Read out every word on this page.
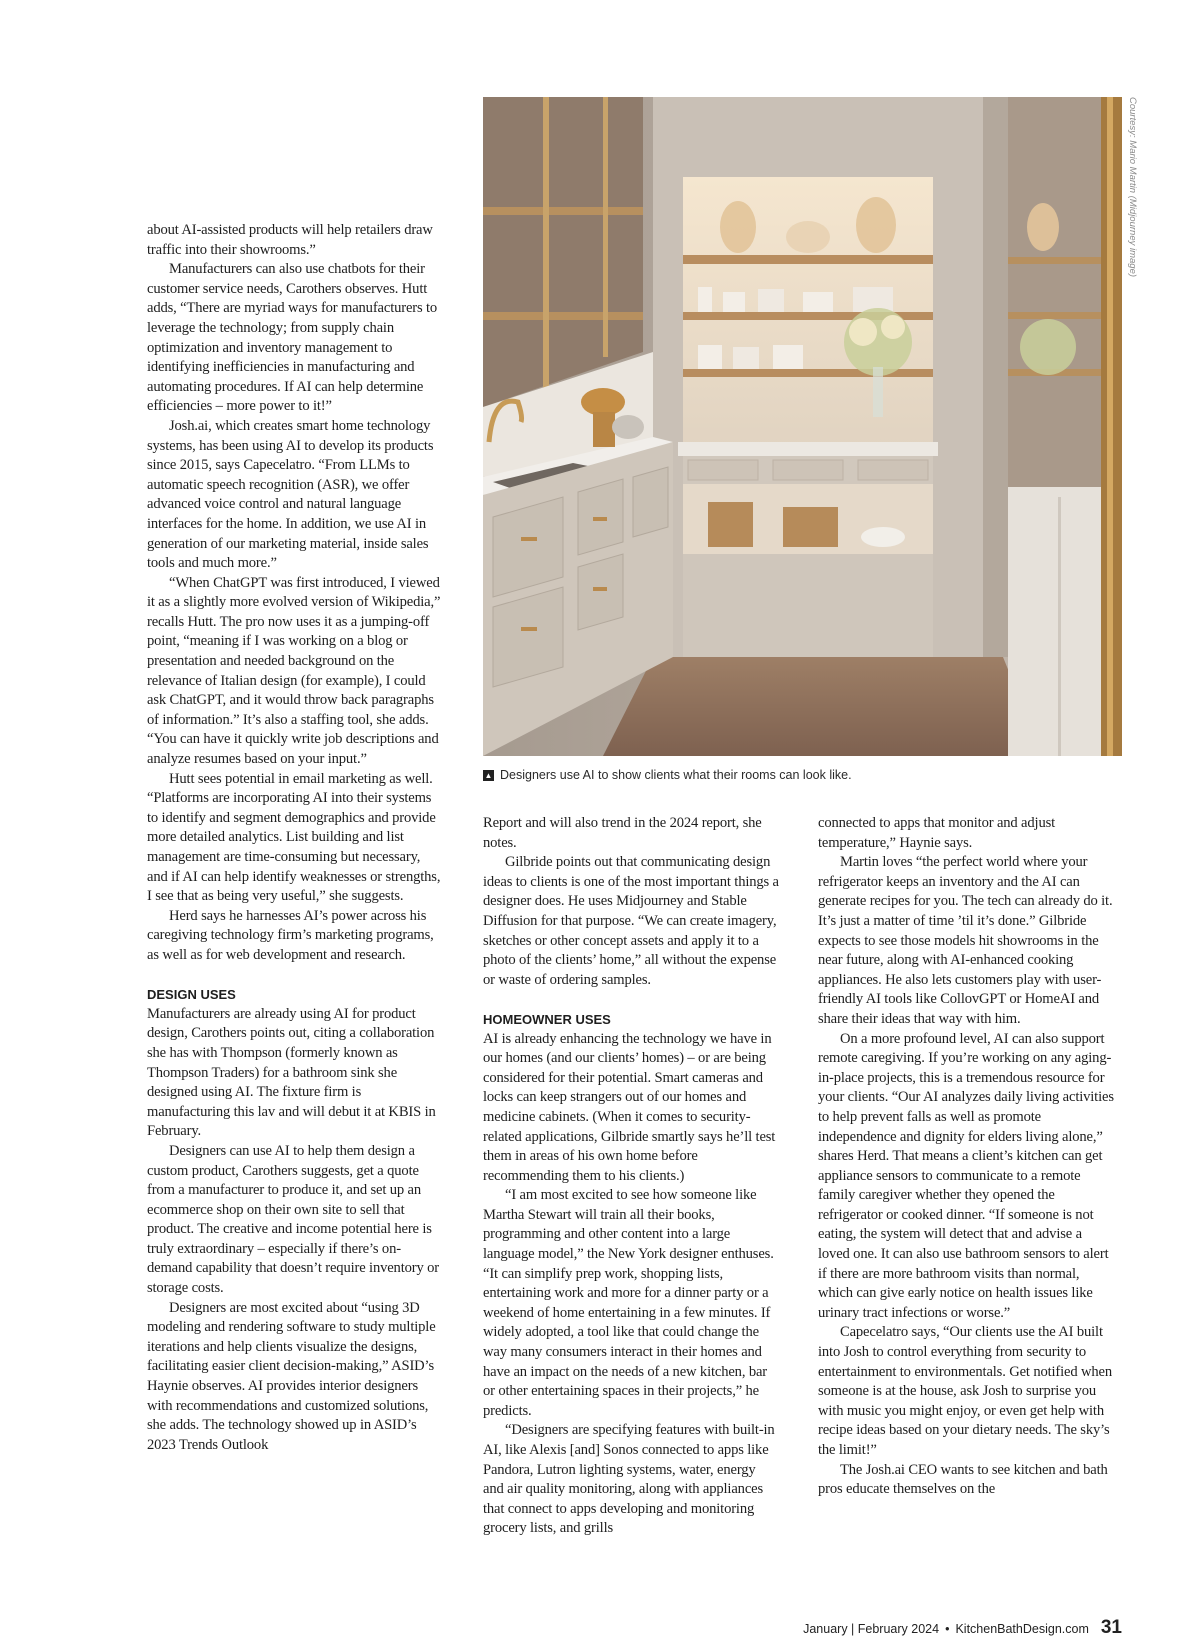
Courtesy: Mario Martin (Midjourney image)
▲ Designers use AI to show clients what their rooms can look like.

about AI-assisted products will help retailers draw traffic into their showrooms.”

Manufacturers can also use chatbots for their customer service needs, Carothers observes. Hutt adds, “There are myriad ways for manufacturers to leverage the technology; from supply chain optimization and inventory management to identifying inefficiencies in manufacturing and automating procedures. If AI can help determine efficiencies – more power to it!”

Josh.ai, which creates smart home technology systems, has been using AI to develop its products since 2015, says Capecelatro. “From LLMs to automatic speech recognition (ASR), we offer advanced voice control and natural language interfaces for the home. In addition, we use AI in generation of our marketing material, inside sales tools and much more.”

“When ChatGPT was first introduced, I viewed it as a slightly more evolved version of Wikipedia,” recalls Hutt. The pro now uses it as a jumping-off point, “meaning if I was working on a blog or presentation and needed background on the relevance of Italian design (for example), I could ask ChatGPT, and it would throw back paragraphs of information.” It’s also a staffing tool, she adds. “You can have it quickly write job descriptions and analyze resumes based on your input.”

Hutt sees potential in email marketing as well. “Platforms are incorporating AI into their systems to identify and segment demographics and provide more detailed analytics. List building and list management are time-consuming but necessary, and if AI can help identify weaknesses or strengths, I see that as being very useful,” she suggests.

Herd says he harnesses AI’s power across his caregiving technology firm’s marketing programs, as well as for web development and research.

DESIGN USES

Manufacturers are already using AI for product design, Carothers points out, citing a collaboration she has with Thompson (formerly known as Thompson Traders) for a bathroom sink she designed using AI. The fixture firm is manufacturing this lav and will debut it at KBIS in February.

Designers can use AI to help them design a custom product, Carothers suggests, get a quote from a manufacturer to produce it, and set up an ecommerce shop on their own site to sell that product. The creative and income potential here is truly extraordinary – especially if there’s on-demand capability that doesn’t require inventory or storage costs.

Designers are most excited about “using 3D modeling and rendering software to study multiple iterations and help clients visualize the designs, facilitating easier client decision-making,” ASID’s Haynie observes. AI provides interior designers with recommendations and customized solutions, she adds. The technology showed up in ASID’s 2023 Trends Outlook

Report and will also trend in the 2024 report, she notes.

Gilbride points out that communicating design ideas to clients is one of the most important things a designer does. He uses Midjourney and Stable Diffusion for that purpose. “We can create imagery, sketches or other concept assets and apply it to a photo of the clients’ home,” all without the expense or waste of ordering samples.

HOMEOWNER USES

AI is already enhancing the technology we have in our homes (and our clients’ homes) – or are being considered for their potential. Smart cameras and locks can keep strangers out of our homes and medicine cabinets. (When it comes to security-related applications, Gilbride smartly says he’ll test them in areas of his own home before recommending them to his clients.)

“I am most excited to see how someone like Martha Stewart will train all their books, programming and other content into a large language model,” the New York designer enthuses. “It can simplify prep work, shopping lists, entertaining work and more for a dinner party or a weekend of home entertaining in a few minutes. If widely adopted, a tool like that could change the way many consumers interact in their homes and have an impact on the needs of a new kitchen, bar or other entertaining spaces in their projects,” he predicts.

“Designers are specifying features with built-in AI, like Alexis [and] Sonos connected to apps like Pandora, Lutron lighting systems, water, energy and air quality monitoring, along with appliances that connect to apps developing and monitoring grocery lists, and grills

connected to apps that monitor and adjust temperature,” Haynie says.

Martin loves “the perfect world where your refrigerator keeps an inventory and the AI can generate recipes for you. The tech can already do it. It’s just a matter of time ’til it’s done.” Gilbride expects to see those models hit showrooms in the near future, along with AI-enhanced cooking appliances. He also lets customers play with user-friendly AI tools like CollovGPT or HomeAI and share their ideas that way with him.

On a more profound level, AI can also support remote caregiving. If you’re working on any aging-in-place projects, this is a tremendous resource for your clients. “Our AI analyzes daily living activities to help prevent falls as well as promote independence and dignity for elders living alone,” shares Herd. That means a client’s kitchen can get appliance sensors to communicate to a remote family caregiver whether they opened the refrigerator or cooked dinner. “If someone is not eating, the system will detect that and advise a loved one. It can also use bathroom sensors to alert if there are more bathroom visits than normal, which can give early notice on health issues like urinary tract infections or worse.”

Capecelatro says, “Our clients use the AI built into Josh to control everything from security to entertainment to environmentals. Get notified when someone is at the house, ask Josh to surprise you with music you might enjoy, or even get help with recipe ideas based on your dietary needs. The sky’s the limit!”

The Josh.ai CEO wants to see kitchen and bath pros educate themselves on the

January | February 2024 • KitchenBathDesign.com 31
